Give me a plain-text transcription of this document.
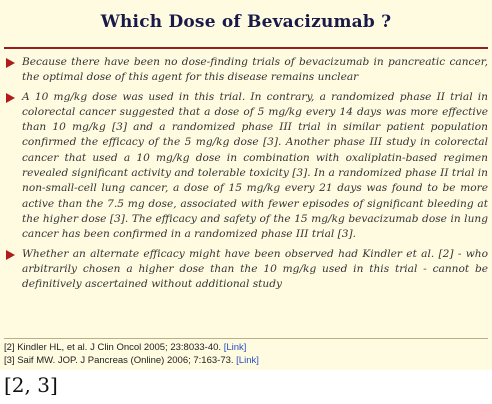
Which Dose of Bevacizumab ?
Because there have been no dose-finding trials of bevacizumab in pancreatic cancer, the optimal dose of this agent for this disease remains unclear
A 10 mg/kg dose was used in this trial. In contrary, a randomized phase II trial in colorectal cancer suggested that a dose of 5 mg/kg every 14 days was more effective than 10 mg/kg [3] and a randomized phase III trial in similar patient population confirmed the efficacy of the 5 mg/kg dose [3]. Another phase III study in colorectal cancer that used a 10 mg/kg dose in combination with oxaliplatin-based regimen revealed significant activity and tolerable toxicity [3]. In a randomized phase II trial in non-small-cell lung cancer, a dose of 15 mg/kg every 21 days was found to be more active than the 7.5 mg dose, associated with fewer episodes of significant bleeding at the higher dose [3]. The efficacy and safety of the 15 mg/kg bevacizumab dose in lung cancer has been confirmed in a randomized phase III trial [3].
Whether an alternate efficacy might have been observed had Kindler et al. [2] - who arbitrarily chosen a higher dose than the 10 mg/kg used in this trial - cannot be definitively ascertained without additional study
[2] Kindler HL, et al. J Clin Oncol 2005; 23:8033-40. [Link]
[3] Saif MW. JOP. J Pancreas (Online) 2006; 7:163-73. [Link]
[2, 3]
